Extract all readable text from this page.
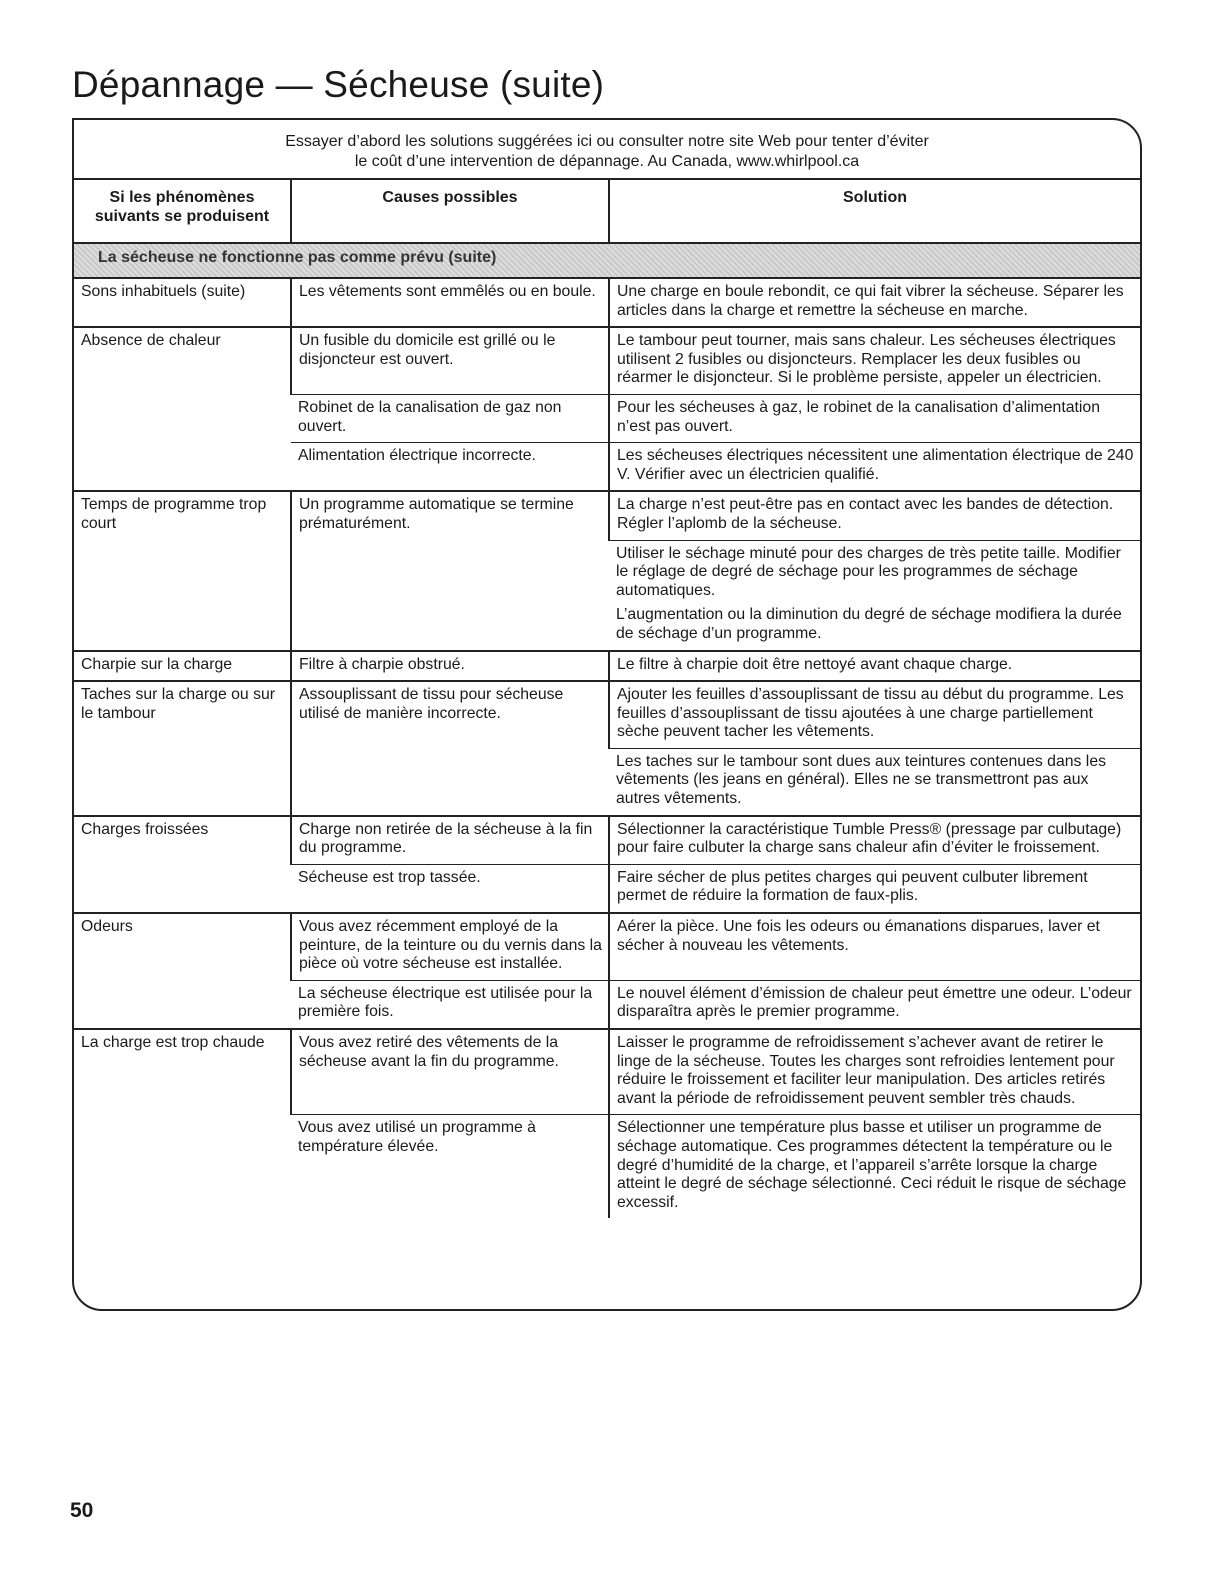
Dépannage — Sécheuse (suite)
Essayer d’abord les solutions suggérées ici ou consulter notre site Web pour tenter d’éviter
le coût d’une intervention de dépannage. Au Canada, www.whirlpool.ca
Si les phénomènes suivants se produisent	Causes possibles	Solution
La sécheuse ne fonctionne pas comme prévu (suite)		
Sons inhabituels (suite)	Les vêtements sont emmêlés ou en boule.	Une charge en boule rebondit, ce qui fait vibrer la sécheuse. Séparer les articles dans la charge et remettre la sécheuse en marche.
Absence de chaleur	Un fusible du domicile est grillé ou le disjoncteur est ouvert.	Le tambour peut tourner, mais sans chaleur. Les sécheuses électriques utilisent 2 fusibles ou disjoncteurs. Remplacer les deux fusibles ou réarmer le disjoncteur. Si le problème persiste, appeler un électricien.
	Robinet de la canalisation de gaz non ouvert.	Pour les sécheuses à gaz, le robinet de la canalisation d’alimentation n’est pas ouvert.
	Alimentation électrique incorrecte.	Les sécheuses électriques nécessitent une alimentation électrique de 240 V. Vérifier avec un électricien qualifié.
Temps de programme trop court	Un programme automatique se termine prématurément.	La charge n’est peut-être pas en contact avec les bandes de détection. Régler l’aplomb de la sécheuse.

		Utiliser le séchage minuté pour des charges de très petite taille. Modifier le réglage de degré de séchage pour les programmes de séchage automatiques.
L’augmentation ou la diminution du degré de séchage modifiera la durée de séchage d’un programme.

Charpie sur la charge	Filtre à charpie obstrué.	Le filtre à charpie doit être nettoyé avant chaque charge.
Taches sur la charge ou sur le tambour	Assouplissant de tissu pour sécheuse utilisé de manière incorrecte.	Ajouter les feuilles d’assouplissant de tissu au début du programme. Les feuilles d’assouplissant de tissu ajoutées à une charge partiellement sèche peuvent tacher les vêtements.
		Les taches sur le tambour sont dues aux teintures contenues dans les vêtements (les jeans en général). Elles ne se transmettront pas aux autres vêtements.
Charges froissées	Charge non retirée de la sécheuse à la fin du programme.	Sélectionner la caractéristique Tumble Press® (pressage par culbutage) pour faire culbuter la charge sans chaleur afin d’éviter le froissement.
	Sécheuse est trop tassée.	Faire sécher de plus petites charges qui peuvent culbuter librement permet de réduire la formation de faux-plis.
Odeurs	Vous avez récemment employé de la peinture, de la teinture ou du vernis dans la pièce où votre sécheuse est installée.	Aérer la pièce. Une fois les odeurs ou émanations disparues, laver et sécher à nouveau les vêtements.
	La sécheuse électrique est utilisée pour la première fois.	Le nouvel élément d’émission de chaleur peut émettre une odeur. L’odeur disparaîtra après le premier programme.
La charge est trop chaude	Vous avez retiré des vêtements de la sécheuse avant la fin du programme.	Laisser le programme de refroidissement s’achever avant de retirer le linge de la sécheuse. Toutes les charges sont refroidies lentement pour réduire le froissement et faciliter leur manipulation. Des articles retirés avant la période de refroidissement peuvent sembler très chauds.
	Vous avez utilisé un programme à température élevée.	Sélectionner une température plus basse et utiliser un programme de séchage automatique. Ces programmes détectent la température ou le degré d’humidité de la charge, et l’appareil s’arrête lorsque la charge atteint le degré de séchage sélectionné. Ceci réduit le risque de séchage excessif.

50
